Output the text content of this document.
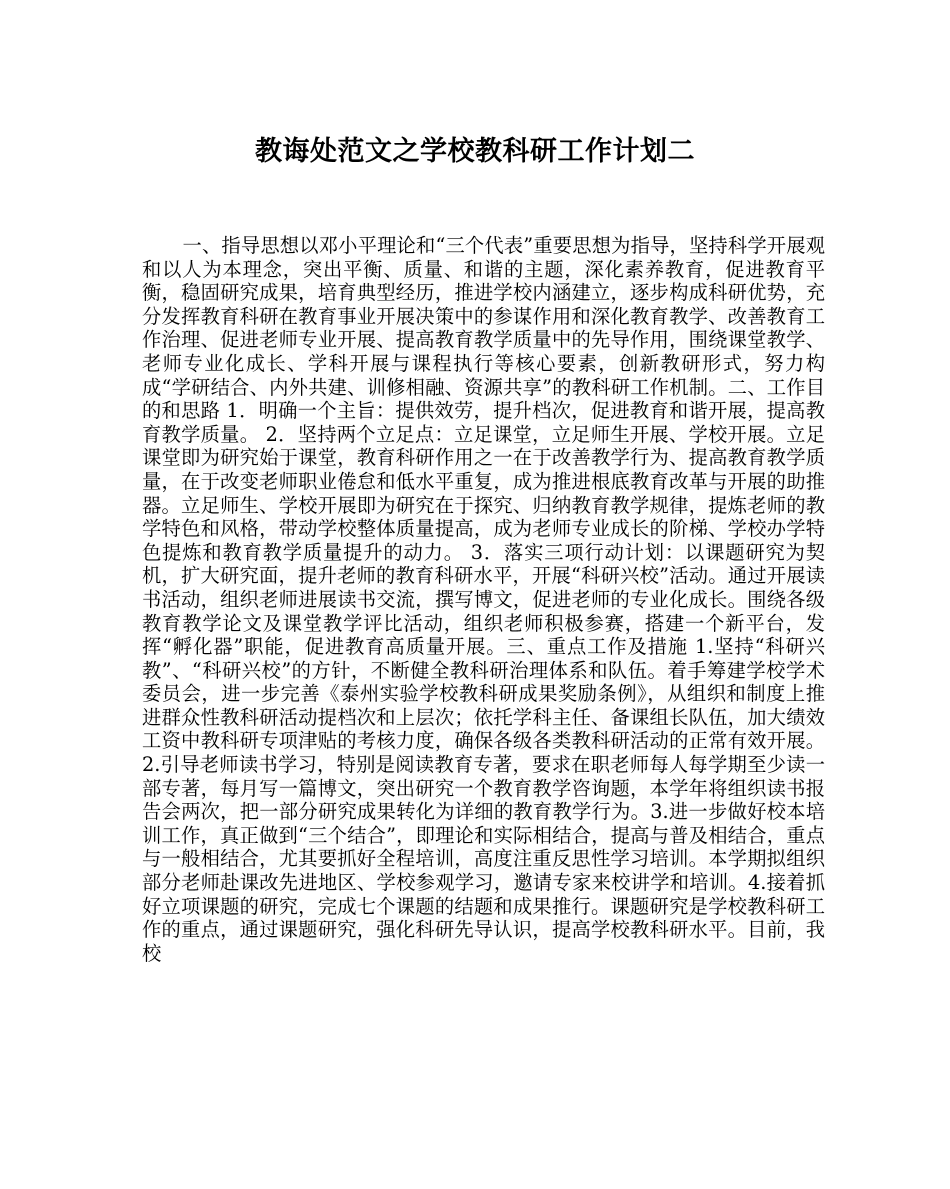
教诲处范文之学校教科研工作计划二

一、指导思想以邓小平理论和“三个代表”重要思想为指导，坚持科学开展观和以人为本理念，突出平衡、质量、和谐的主题，深化素养教育，促进教育平衡，稳固研究成果，培育典型经历，推进学校内涵建立，逐步构成科研优势，充分发挥教育科研在教育事业开展决策中的参谋作用和深化教育教学、改善教育工作治理、促进老师专业开展、提高教育教学质量中的先导作用，围绕课堂教学、老师专业化成长、学科开展与课程执行等核心要素，创新教研形式，努力构成“学研结合、内外共建、训修相融、资源共享”的教科研工作机制。二、工作目的和思路 1．明确一个主旨：提供效劳，提升档次，促进教育和谐开展，提高教育教学质量。 2．坚持两个立足点：立足课堂，立足师生开展、学校开展。立足课堂即为研究始于课堂，教育科研作用之一在于改善教学行为、提高教育教学质量，在于改变老师职业倦怠和低水平重复，成为推进根底教育改革与开展的助推器。立足师生、学校开展即为研究在于探究、归纳教育教学规律，提炼老师的教学特色和风格，带动学校整体质量提高，成为老师专业成长的阶梯、学校办学特色提炼和教育教学质量提升的动力。 3．落实三项行动计划：以课题研究为契机，扩大研究面，提升老师的教育科研水平，开展“科研兴校”活动。通过开展读书活动，组织老师进展读书交流，撰写博文，促进老师的专业化成长。围绕各级教育教学论文及课堂教学评比活动，组织老师积极参赛，搭建一个新平台，发挥“孵化器”职能，促进教育高质量开展。三、重点工作及措施 1.坚持“科研兴教”、“科研兴校”的方针，不断健全教科研治理体系和队伍。着手筹建学校学术委员会，进一步完善《泰州实验学校教科研成果奖励条例》，从组织和制度上推进群众性教科研活动提档次和上层次；依托学科主任、备课组长队伍，加大绩效工资中教科研专项津贴的考核力度，确保各级各类教科研活动的正常有效开展。2.引导老师读书学习，特别是阅读教育专著，要求在职老师每人每学期至少读一部专著，每月写一篇博文，突出研究一个教育教学咨询题，本学年将组织读书报告会两次，把一部分研究成果转化为详细的教育教学行为。3.进一步做好校本培训工作，真正做到“三个结合”，即理论和实际相结合，提高与普及相结合，重点与一般相结合，尤其要抓好全程培训，高度注重反思性学习培训。本学期拟组织部分老师赴课改先进地区、学校参观学习，邀请专家来校讲学和培训。4.接着抓好立项课题的研究，完成七个课题的结题和成果推行。课题研究是学校教科研工作的重点，通过课题研究，强化科研先导认识，提高学校教科研水平。目前，我校
